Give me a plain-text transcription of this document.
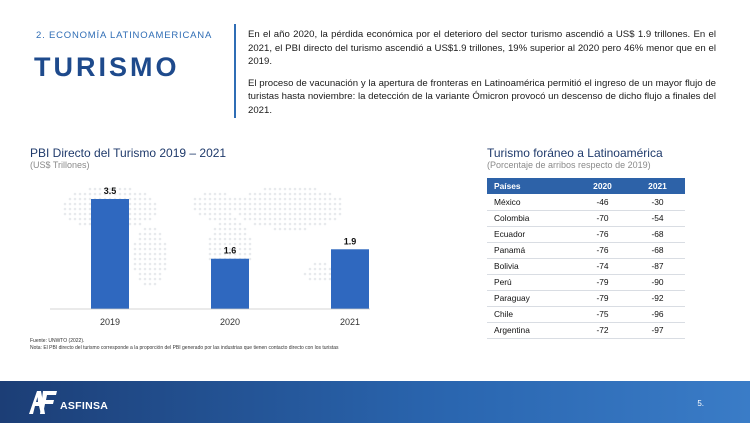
2. ECONOMÍA LATINOAMERICANA
TURISMO

En el año 2020, la pérdida económica por el deterioro del sector turismo ascendió a US$ 1.9 trillones. En el 2021, el PBI directo del turismo ascendió a US$1.9 trillones, 19% superior al 2020 pero 46% menor que en el 2019.

El proceso de vacunación y la apertura de fronteras en Latinoamérica permitió el ingreso de un mayor flujo de turistas hasta noviembre: la detección de la variante Ómicron provocó un descenso de dicho flujo a finales del 2021.

PBI Directo del Turismo 2019 – 2021
(US$ Trillones)
3.5
2019
1.6
2020
1.9
2021
Fuente: UNWTO (2022).
Nota: El PBI directo del turismo corresponde a la proporción del PBI generado por las industrias que tienen contacto directo con los turistas
Turismo foráneo a Latinoamérica
(Porcentaje de arribos respecto de 2019)
Países	2020	2021
México	-46	-30
Colombia	-70	-54
Ecuador	-76	-68
Panamá	-76	-68
Bolivia	-74	-87
Perú	-79	-90
Paraguay	-79	-92
Chile	-75	-96
Argentina	-72	-97
ASFINSA	5.
